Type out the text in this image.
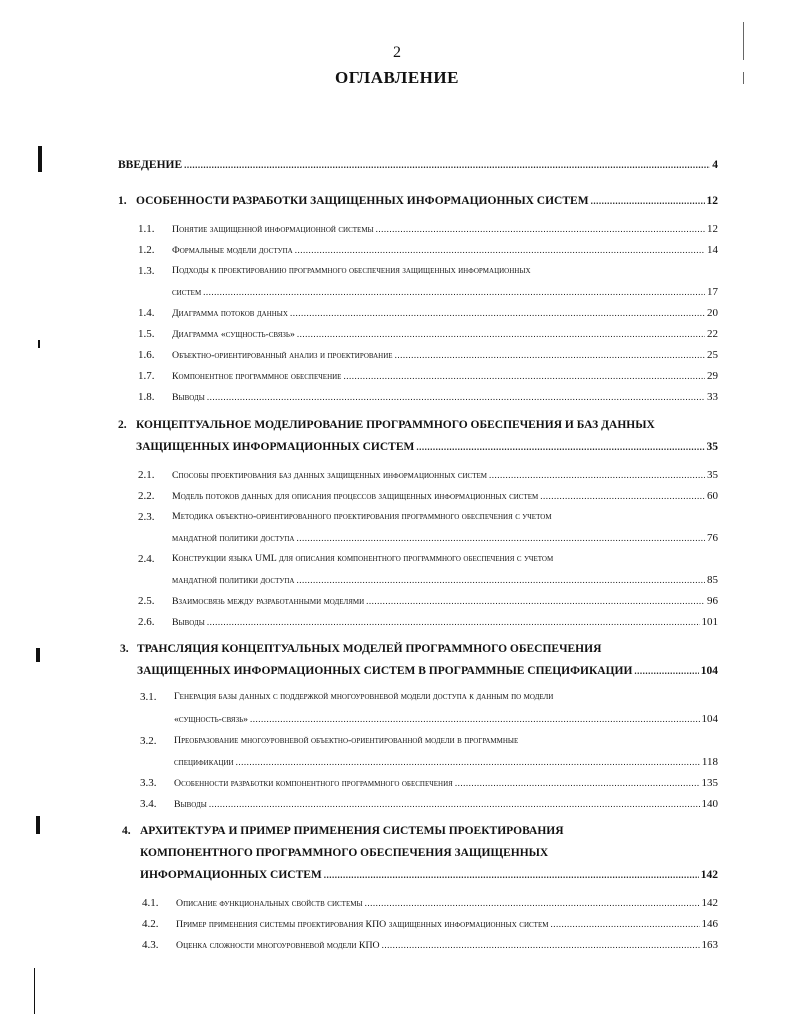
2
ОГЛАВЛЕНИЕ
ВВЕДЕНИЕ .....	4
1. ОСОБЕННОСТИ РАЗРАБОТКИ ЗАЩИЩЕННЫХ ИНФОРМАЦИОННЫХ СИСТЕМ .....	12
1.1. Понятие защищенной информационной системы .....	12
1.2. Формальные модели доступа .....	14
1.3. Подходы к проектированию программного обеспечения защищенных информационных
систем .....	17
1.4. Диаграмма потоков данных .....	20
1.5. Диаграмма «сущность-связь» .....	22
1.6. Объектно-ориентированный анализ и проектирование .....	25
1.7. Компонентное программное обеспечение .....	29
1.8. Выводы .....	33
2. КОНЦЕПТУАЛЬНОЕ МОДЕЛИРОВАНИЕ ПРОГРАММНОГО ОБЕСПЕЧЕНИЯ И БАЗ ДАННЫХ
ЗАЩИЩЕННЫХ ИНФОРМАЦИОННЫХ СИСТЕМ .....	35
2.1. Способы проектирования баз данных защищенных информационных систем .....	35
2.2. Модель потоков данных для описания процессов защищенных информационных систем .....	60
2.3. Методика объектно-ориентированного проектирования программного обеспечения с учетом
мандатной политики доступа .....	76
2.4. Конструкции языка UML для описания компонентного программного обеспечения с учетом
мандатной политики доступа .....	85
2.5. Взаимосвязь между разработанными моделями .....	96
2.6. Выводы .....	101
3. ТРАНСЛЯЦИЯ КОНЦЕПТУАЛЬНЫХ МОДЕЛЕЙ ПРОГРАММНОГО ОБЕСПЕЧЕНИЯ
ЗАЩИЩЕННЫХ ИНФОРМАЦИОННЫХ СИСТЕМ В ПРОГРАММНЫЕ СПЕЦИФИКАЦИИ .....	104
3.1. Генерация базы данных с поддержкой многоуровневой модели доступа к данным по модели
«сущность-связь» .....	104
3.2. Преобразование многоуровневой объектно-ориентированной модели в программные
спецификации .....	118
3.3. Особенности разработки компонентного программного обеспечения .....	135
3.4. Выводы .....	140
4. АРХИТЕКТУРА И ПРИМЕР ПРИМЕНЕНИЯ СИСТЕМЫ ПРОЕКТИРОВАНИЯ
КОМПОНЕНТНОГО ПРОГРАММНОГО ОБЕСПЕЧЕНИЯ ЗАЩИЩЕННЫХ
ИНФОРМАЦИОННЫХ СИСТЕМ .....	142
4.1. Описание функциональных свойств системы .....	142
4.2. Пример применения системы проектирования КПО защищенных информационных систем .....	146
4.3. Оценка сложности многоуровневой модели КПО .....	163
